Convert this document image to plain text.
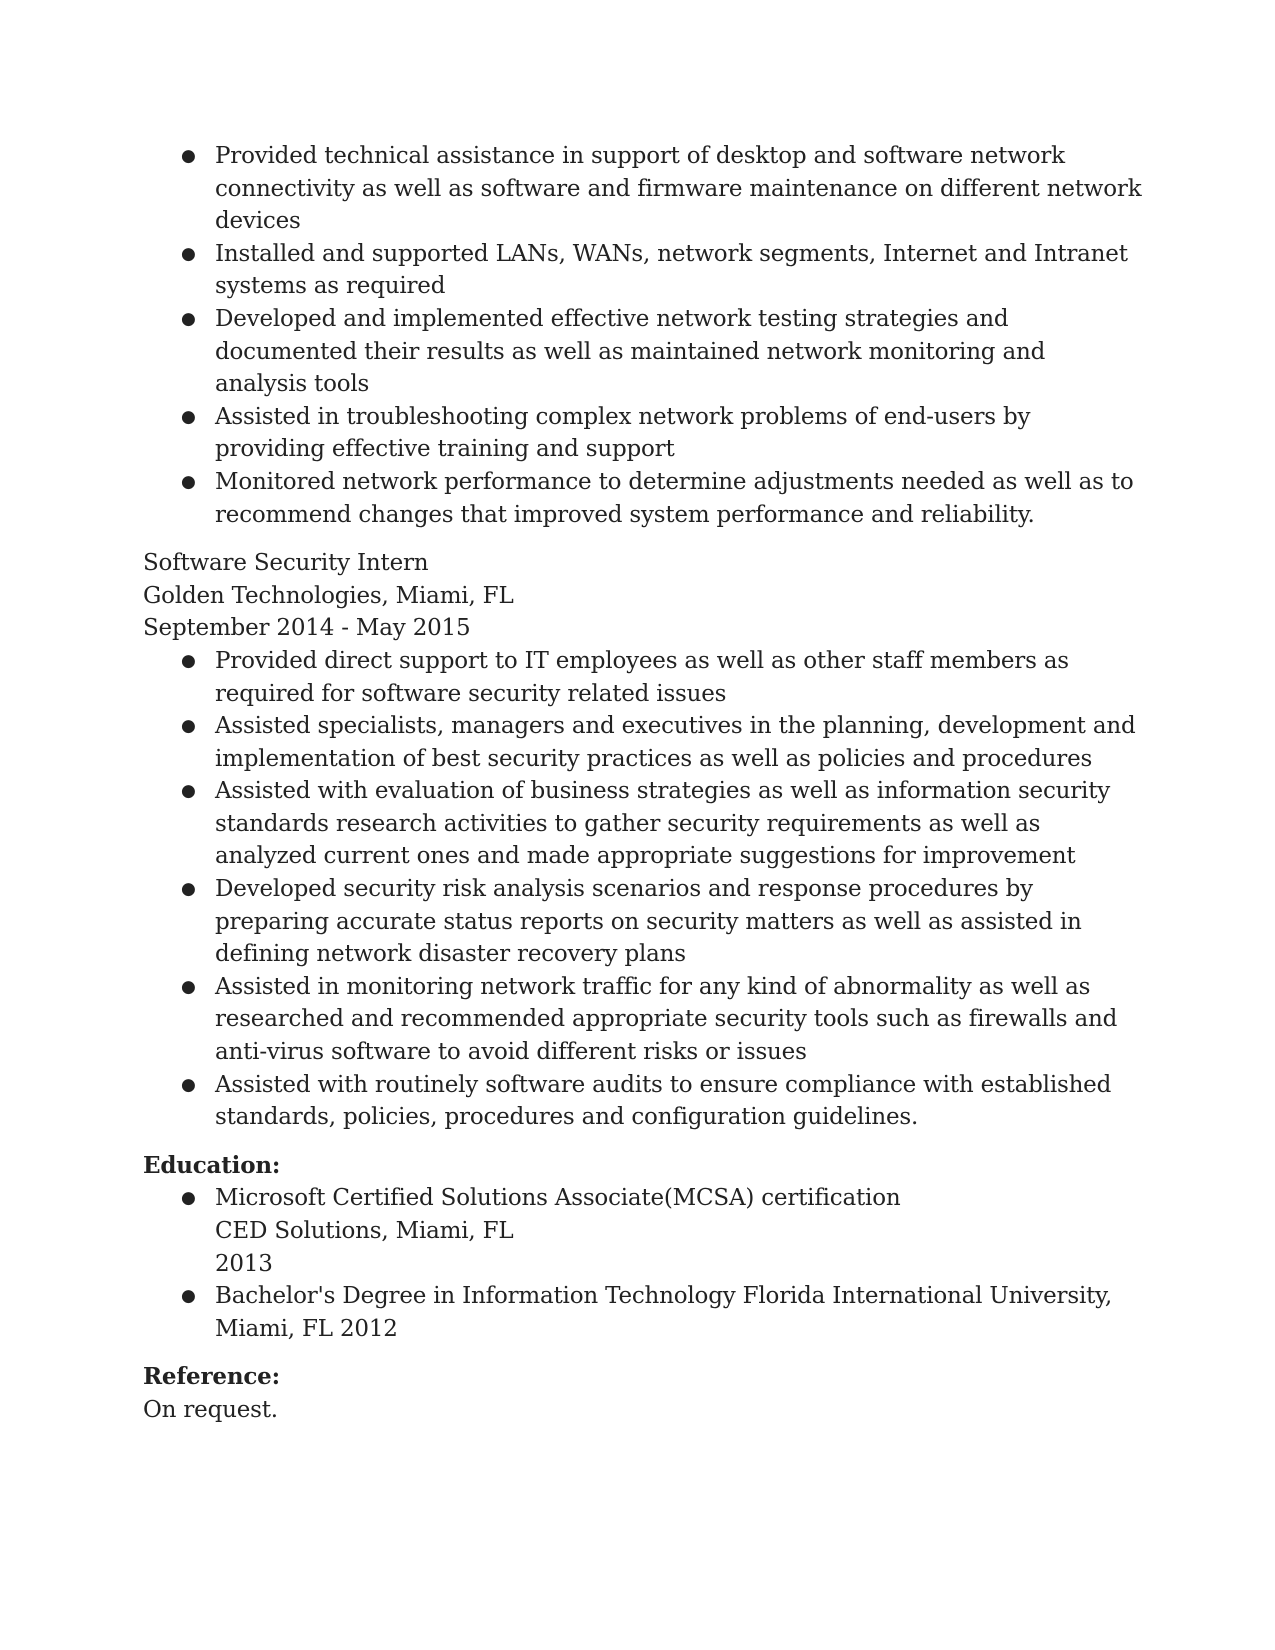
● Provided technical assistance in support of desktop and software network connectivity as well as software and firmware maintenance on different network devices
● Installed and supported LANs, WANs, network segments, Internet and Intranet systems as required
● Developed and implemented effective network testing strategies and documented their results as well as maintained network monitoring and analysis tools
● Assisted in troubleshooting complex network problems of end-users by providing effective training and support
● Monitored network performance to determine adjustments needed as well as to recommend changes that improved system performance and reliability.
Software Security Intern
Golden Technologies, Miami, FL
September 2014 - May 2015
● Provided direct support to IT employees as well as other staff members as required for software security related issues
● Assisted specialists, managers and executives in the planning, development and implementation of best security practices as well as policies and procedures
● Assisted with evaluation of business strategies as well as information security standards research activities to gather security requirements as well as analyzed current ones and made appropriate suggestions for improvement
● Developed security risk analysis scenarios and response procedures by preparing accurate status reports on security matters as well as assisted in defining network disaster recovery plans
● Assisted in monitoring network traffic for any kind of abnormality as well as researched and recommended appropriate security tools such as firewalls and anti-virus software to avoid different risks or issues
● Assisted with routinely software audits to ensure compliance with established standards, policies, procedures and configuration guidelines.
Education:
● Microsoft Certified Solutions Associate(MCSA) certification
CED Solutions, Miami, FL
2013
● Bachelor's Degree in Information Technology Florida International University, Miami, FL 2012
Reference:
On request.
